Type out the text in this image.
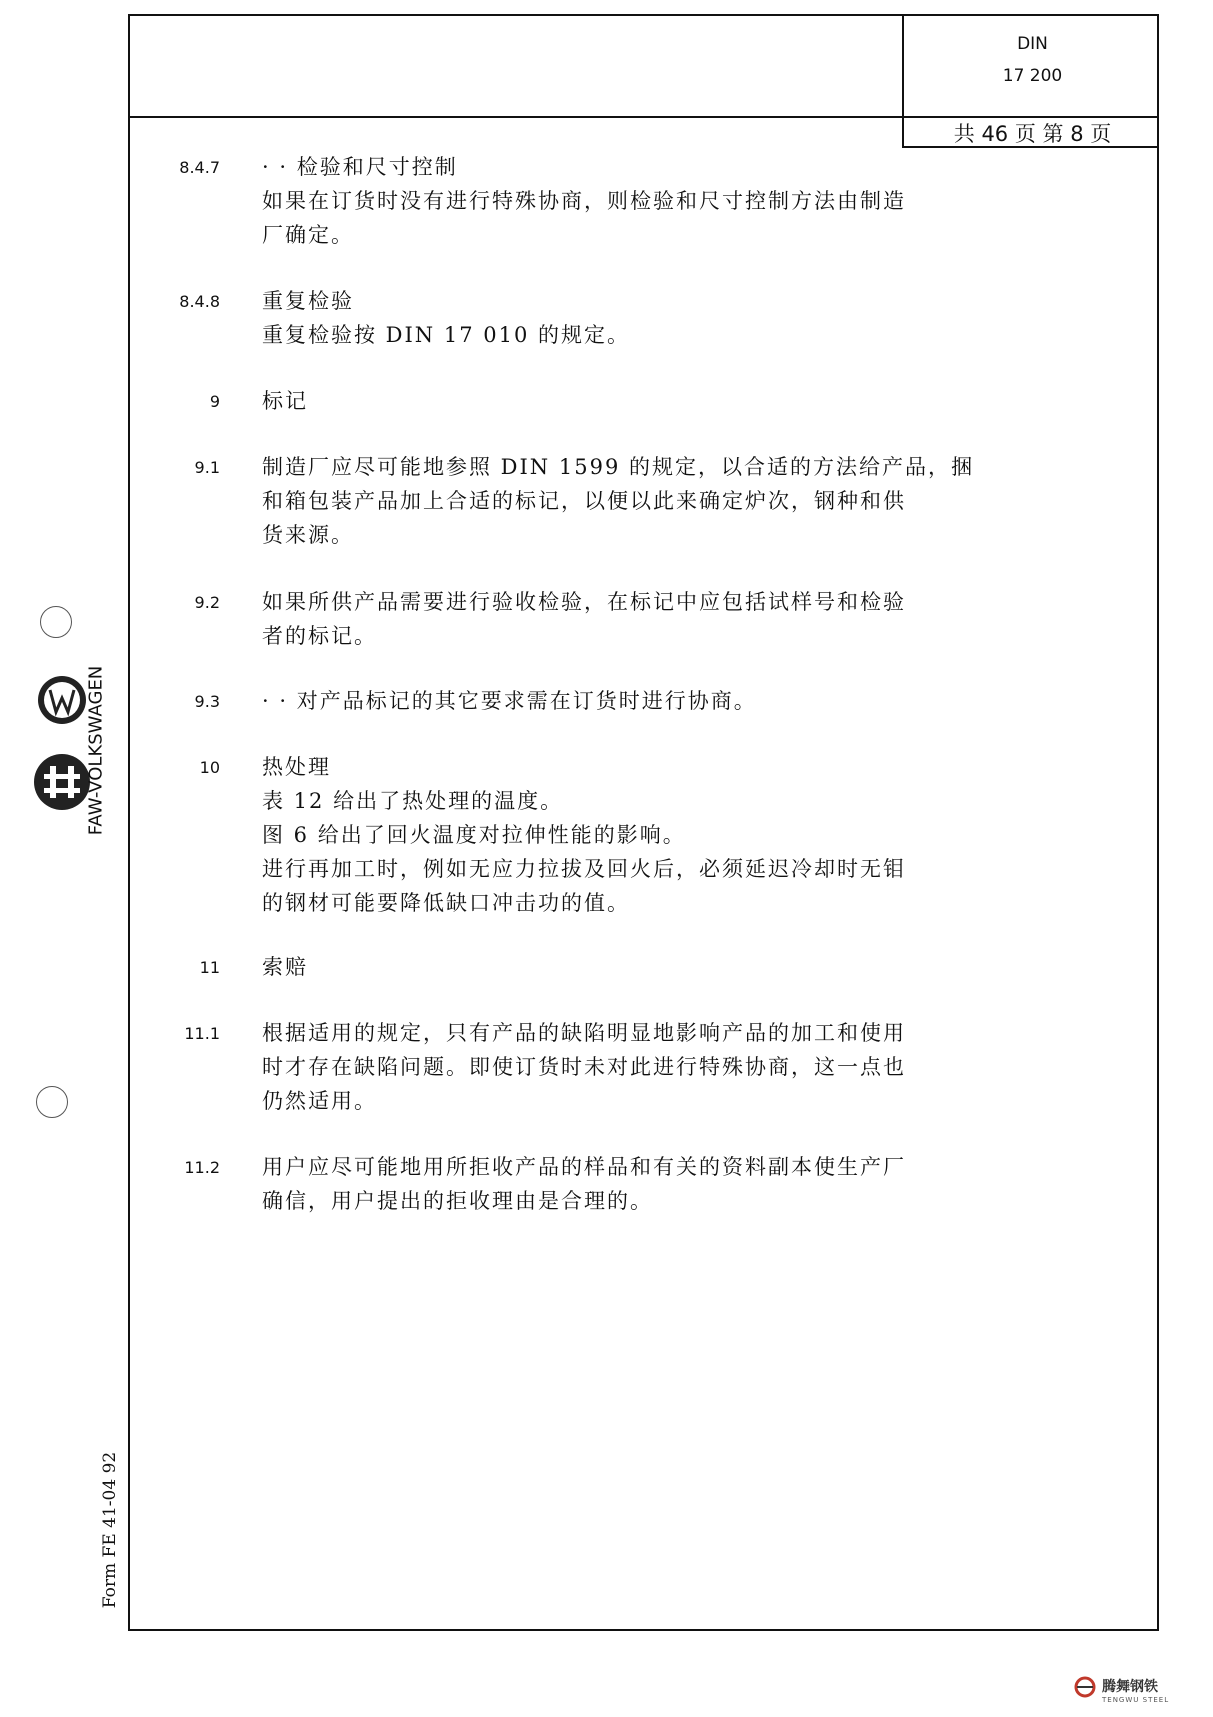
DIN
17 200
共 46 页 第 8 页
8.4.7 · · 检验和尺寸控制

如果在订货时没有进行特殊协商，则检验和尺寸控制方法由制造

厂确定。

8.4.8 重复检验

重复检验按 DIN 17 010 的规定。

9 标记

9.1 制造厂应尽可能地参照 DIN 1599 的规定，以合适的方法给产品，捆

和箱包装产品加上合适的标记，以便以此来确定炉次，钢种和供

货来源。

9.2 如果所供产品需要进行验收检验，在标记中应包括试样号和检验

者的标记。

9.3 · · 对产品标记的其它要求需在订货时进行协商。

10 热处理

表 12 给出了热处理的温度。

图 6 给出了回火温度对拉伸性能的影响。

进行再加工时，例如无应力拉拔及回火后，必须延迟冷却时无钼

的钢材可能要降低缺口冲击功的值。

11 索赔

11.1 根据适用的规定，只有产品的缺陷明显地影响产品的加工和使用

时才存在缺陷问题。即使订货时未对此进行特殊协商，这一点也

仍然适用。

11.2 用户应尽可能地用所拒收产品的样品和有关的资料副本使生产厂

确信，用户提出的拒收理由是合理的。

FAW-VOLKSWAGEN
Form FE 41-04 92
腾舞钢铁
TENGWU STEEL
